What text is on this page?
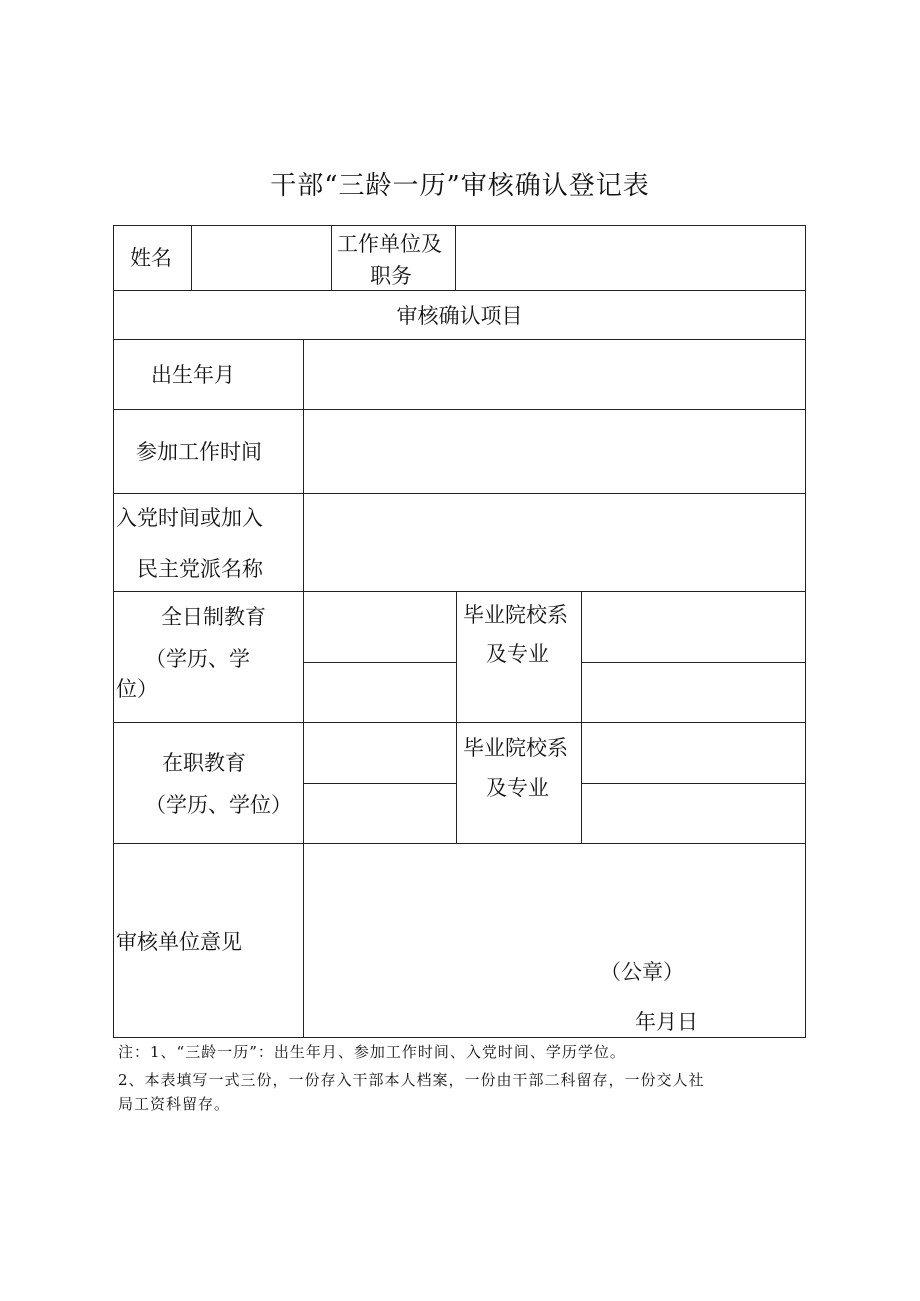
干部“三龄一历”审核确认登记表
姓名
工作单位及
职务
审核确认项目
出生年月
参加工作时间
入党时间或加入
民主党派名称
全日制教育
（学历、学
位）
毕业院校系
及专业
在职教育
（学历、学位）
毕业院校系
及专业
审核单位意见
（公章）
年月日
注：1、“三龄一历”：出生年月、参加工作时间、入党时间、学历学位。
2、本表填写一式三份，一份存入干部本人档案，一份由干部二科留存，一份交人社
局工资科留存。
